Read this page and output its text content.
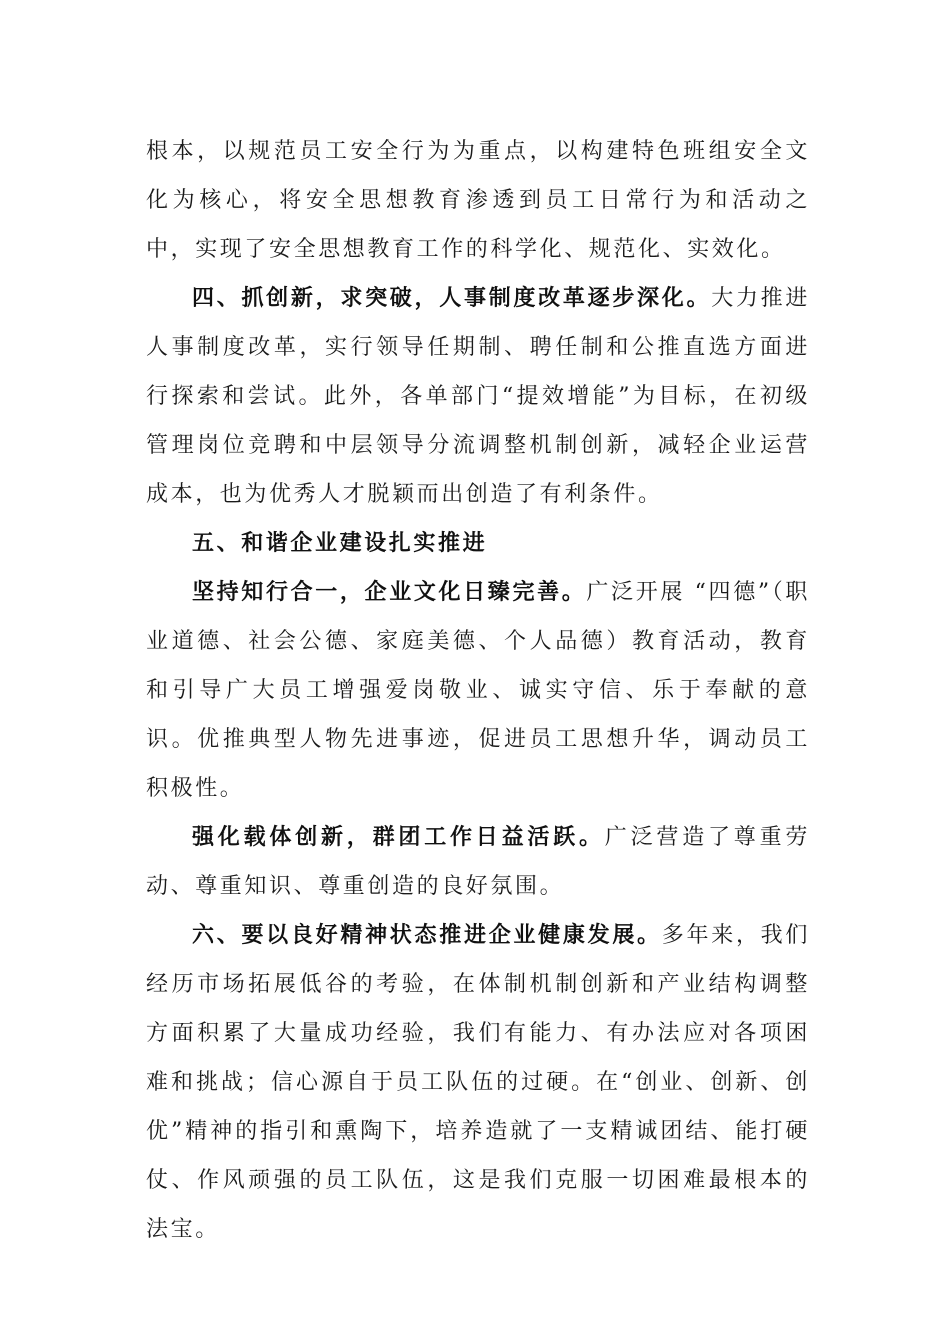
根本，以规范员工安全行为为重点，以构建特色班组安全文化为核心，将安全思想教育渗透到员工日常行为和活动之中，实现了安全思想教育工作的科学化、规范化、实效化。

四、抓创新，求突破，人事制度改革逐步深化。大力推进人事制度改革，实行领导任期制、聘任制和公推直选方面进行探索和尝试。此外，各单部门“提效增能”为目标，在初级管理岗位竞聘和中层领导分流调整机制创新，减轻企业运营成本，也为优秀人才脱颖而出创造了有利条件。

五、和谐企业建设扎实推进

坚持知行合一，企业文化日臻完善。广泛开展 “四德”（职业道德、社会公德、家庭美德、个人品德）教育活动，教育和引导广大员工增强爱岗敬业、诚实守信、乐于奉献的意识。优推典型人物先进事迹，促进员工思想升华，调动员工积极性。

强化载体创新，群团工作日益活跃。广泛营造了尊重劳动、尊重知识、尊重创造的良好氛围。

六、要以良好精神状态推进企业健康发展。多年来，我们经历市场拓展低谷的考验，在体制机制创新和产业结构调整方面积累了大量成功经验，我们有能力、有办法应对各项困难和挑战；信心源自于员工队伍的过硬。在“创业、创新、创优”精神的指引和熏陶下，培养造就了一支精诚团结、能打硬仗、作风顽强的员工队伍，这是我们克服一切困难最根本的法宝。
